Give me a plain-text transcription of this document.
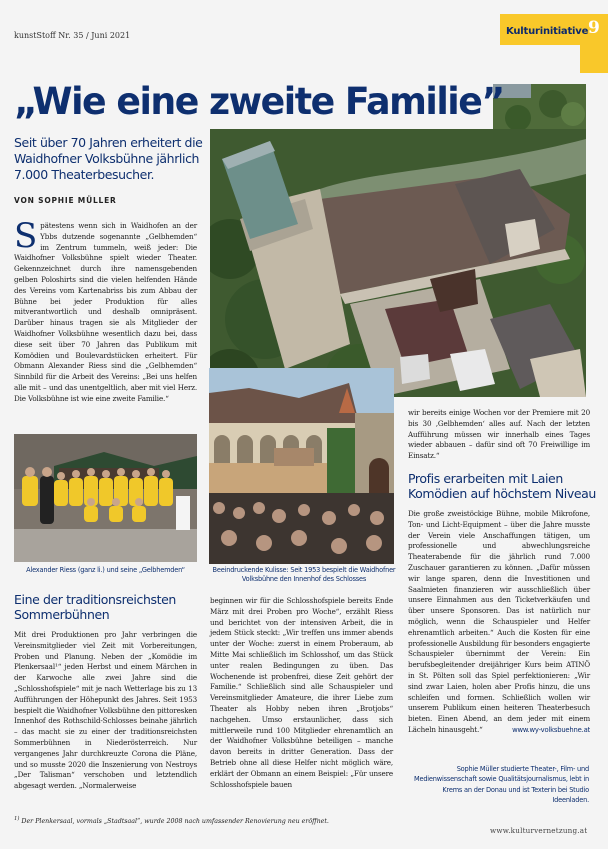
kunstStoff Nr. 35 / Juni 2021	Kulturinitiative 9
„Wie eine zweite Familie”
Seit über 70 Jahren erheitert die Waidhofner Volksbühne jährlich 7.000 Theaterbesucher.
VON SOPHIE MÜLLER
Spätestens wenn sich in Waidhofen an der Ybbs dutzende sogenannte „Gelbhemden“ im Zentrum tummeln, weiß jeder: Die Waidhofner Volksbühne spielt wieder Theater. Gekennzeichnet durch ihre namensgebenden gelben Poloshirts sind die vielen helfenden Hände des Vereins vom Kartenabriss bis zum Abbau der Bühne bei jeder Produktion für alles mitverantwortlich und deshalb omnipräsent. Darüber hinaus tragen sie als Mitglieder der Waidhofner Volksbühne wesentlich dazu bei, dass diese seit über 70 Jahren das Publikum mit Komödien und Boulevardstücken erheitert. Für Obmann Alexander Riess sind die „Gelbhemden“ Sinnbild für die Arbeit des Vereins: „Bei uns helfen alle mit – und das unentgeltlich, aber mit viel Herz. Die Volksbühne ist wie eine zweite Familie.“
Alexander Riess (ganz li.) und seine „Gelbhemden“	Beeindruckende Kulisse: Seit 1953 bespielt die Waidhofner Volksbühne den Innenhof des Schlosses
Eine der traditionsreichsten Sommerbühnen
Mit drei Produktionen pro Jahr verbringen die Vereinsmitglieder viel Zeit mit Vorbereitungen, Proben und Planung. Neben der „Komödie im Plenkersaal¹“ jeden Herbst und einem Märchen in der Karwoche alle zwei Jahre sind die „Schlosshofspiele“ mit je nach Wetterlage bis zu 13 Aufführungen der Höhepunkt des Jahres. Seit 1953 bespielt die Waidhofner Volksbühne den pittoresken Innenhof des Rothschild-Schlosses beinahe jährlich – das macht sie zu einer der traditionsreichsten Sommerbühnen in Niederösterreich. Nur vergangenes Jahr durchkreuzte Corona die Pläne, und so musste 2020 die Inszenierung von Nestroys „Der Talisman“ verschoben und letztendlich abgesagt werden. „Normalerweise
beginnen wir für die Schlosshofspiele bereits Ende März mit drei Proben pro Woche“, erzählt Riess und berichtet von der intensiven Arbeit, die in jedem Stück steckt: „Wir treffen uns immer abends unter der Woche: zuerst in einem Proberaum, ab Mitte Mai schließlich im Schlosshof, um das Stück unter realen Bedingungen zu üben. Das Wochenende ist probenfrei, diese Zeit gehört der Familie.“ Schließlich sind alle Schauspieler und Vereinsmitglieder Amateure, die ihrer Liebe zum Theater als Hobby neben ihren „Brotjobs“ nachgehen. Umso erstaunlicher, dass sich mittlerweile rund 100 Mitglieder ehrenamtlich an der Waidhofner Volksbühne beteiligen – manche davon bereits in dritter Generation. Dass der Betrieb ohne all diese Helfer nicht möglich wäre, erklärt der Obmann an einem Beispiel: „Für unsere Schlosshofspiele bauen
wir bereits einige Wochen vor der Premiere mit 20 bis 30 ‚Gelbhemden‘ alles auf. Nach der letzten Aufführung müssen wir innerhalb eines Tages wieder abbauen – dafür sind oft 70 Freiwillige im Einsatz.“
Profis erarbeiten mit Laien Komödien auf höchstem Niveau
Die große zweistöckige Bühne, mobile Mikrofone, Ton- und Licht-Equipment – über die Jahre musste der Verein viele Anschaffungen tätigen, um professionelle und abwechlungsreiche Theaterabende für die jährlich rund 7.000 Zuschauer garantieren zu können. „Dafür müssen wir lange sparen, denn die Investitionen und Saalmieten finanzieren wir ausschließlich über unsere Einnahmen aus den Ticketverkäufen und über unsere Sponsoren. Das ist natürlich nur möglich, wenn die Schauspieler und Helfer ehrenamtlich arbeiten.“ Auch die Kosten für eine professionelle Ausbildung für besonders engagierte Schauspieler übernimmt der Verein: Ein berufsbegleitender dreijähriger Kurs beim ATINÖ in St. Pölten soll das Spiel perfektionieren: „Wir sind zwar Laien, holen aber Profis hinzu, die uns schleifen und formen. Schließlich wollen wir unserem Publikum einen heiteren Theaterbesuch bieten. Einen Abend, an dem jeder mit einem Lächeln hinausgeht.“	www.wy-volksbuehne.at
Sophie Müller studierte Theater-, Film- und Medienwissenschaft sowie Qualitätsjournalismus, lebt in Krems an der Donau und ist Texterin bei Studio Ideenladen.
$^{1)}$ Der Plenkersaal, vormals „Stadtsaal“, wurde 2008 nach umfassender Renovierung neu eröffnet.
www.kulturvernetzung.at
